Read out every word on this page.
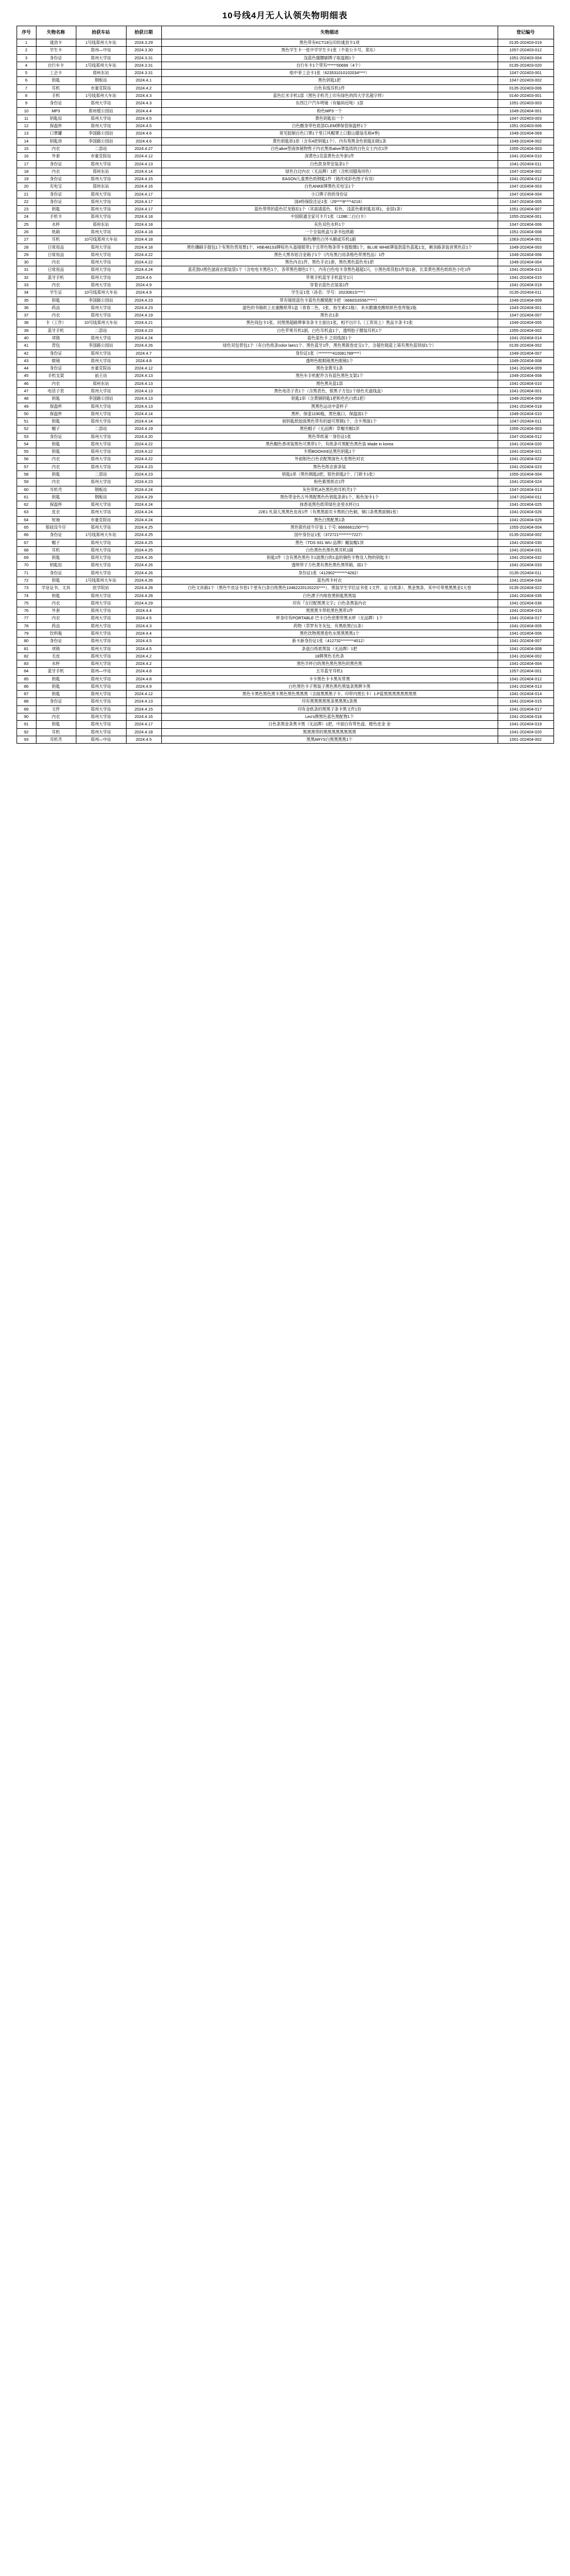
10号线4月无人认领失物明细表
序号	失物名称	拾获车站	拾获日期	失物描述	登记编号
1	逮劲卡	1号线郑州大车站	2024.3.29	黑色带有KCT19压印的逮劲卡1项	0135-202403-019
2	学生卡	郑州—中站	2024.3.30	黑色学生卡一张中学学生卡1张（不是公卡号，郑东）	1057-202403-012
3	身份证	郑州大学站	2024.3.31	浅蓝色撤腰刷牌子取温拥1个	1051-202403-004
4	自行车卡	1号线郑州大车站	2024.3.31	自行车卡1个带有******00699（4个）	0135-202403-020
5	工会卡	郑州东站	2024.3.31	组中菲工会卡1张（623531010102034****）	1047-202403-001
6	钥匙	钢板站	2024.4.1	黑色钥匙1把	1047-202403-002
7	耳机	市豪克院站	2024.4.2	白色有线耳机1件	0135-202403-006
8	手机	1号线郑州大车站	2024.4.3	蓝色红米手机1部（黑色手机壳上印有绿色的四大学名超字样）	0140-202403-001
9	身份证	郑州大学站	2024.4.3	东西江户汽车明镜（有输码近吨）1部	1051-202403-003
10	MP3	郑州植公园站	2024.4.4	粉色MP3一个	1049-202404-001
11	钥匙扣	郑州大学站	2024.4.5	黄色钥匙扣一个	1047-202403-003
12	保温杯	郑州大学站	2024.4.5	白色酸身带色底部CLEM牌保管保温杯1个	1051-202403-006
13	口罩罐	李国路公园站	2024.4.6	常见胶制白色口罩1个里口风帽罩上口服山服装名称4季)	1049-202404-069
14	钥匙串	李国路公园站	2024.4.6	黄色钥匙串1串（含有4把钥匙1个）、内有苑黑金色钥匙扣链1条	1049-202404-002
15	内衣	二部站	2024.4.27	白色alive型液体销物售子内衣黑体alive罩装质的白色女士内衣1件	1055-202404-003
16	外套	市豪克院站	2024.4.12	深黄色1克蓝黄色衣外套1件	1041-202404-010
17	身份证	郑州大学站	2024.4.13	白色款身带安装条1个	1041-202404-011
18	内衣	郑州东站	2024.4.14	绿色白边内衣（无品牌）1把（含机用膝角同色）	1047-202404-002
19	身份证	郑州大学站	2024.4.15	EASON儿童黑色纸钢匙1件（链改成彩色图子有用）	1041-202404-012
20	充电宝	郑州东站	2024.4.16	白色ANKE牌黑色充电宝1个	1047-202404-003
21	身份证	郑州大学站	2024.4.17	小口牌子的的身份证	1047-202404-004
22	身份证	郑州大学站	2024.4.17	国4特保险注证1张（29****8****4216）	1047-202404-005
23	钥匙	郑州大学站	2024.4.17	蓝色带带的蓝色尼龙链扣1个（其面请蓝色、棕色、浅蓝色紫钥匙扣项1，金国1条）	1051-202404-007
24	手机卡	郑州大学站	2024.4.18	中国联通全家可卡片1张（128E二白白卡）	1055-202404-001
25	水杯	郑州东站	2024.4.18	灰色双色水杯1个	1047-202404-006
26	纸箱	郑州大学站	2024.4.18	一个全装纸盒与条书包纸箱	1051-202404-008
27	耳机	10号线郑州大车站	2024.4.18	粉色/糖色白外头额或耳机1副	1063-202404-001
28	日常用品	郑州大学站	2024.4.18	黑色镶刷手提包1个有黑色男用票1个、H5E481S3牌棕色头盔镜链带1个且带色物条带卡提数圈1个，BLUE WHIE牌装款蓝色蓝匙1支，剩余路条装首黑色店1个	1049-202404-003
29	日常用品	郑州大学站	2024.4.22	黑色大黑布铝合金箱子1个（内有黑白用条格色带黑性品）1件	1049-202404-006
30	内衣	郑州大学站	2024.4.22	黑色内衣1件，黑色手衣1套，黑色黑色蓝色布1把	1049-202404-004
31	日常用品	郑州大学站	2024.4.24	蓝花鼓U黑色滤液衣那装袋1个（含电电卡黑色1个，各带黑色烟色1个），内有白色电卡身黑色超超1只，小黑色纸货胶1件装1套，长菜黄色黑色纸纸色小吃1件	1041-202404-013
32	蓝牙手机	郑州大学站	2024.4.6	苹果手机蓝牙手机蓝牙1只	1041-202404-015
33	内衣	郑州大学站	2024.4.9	穿着衣蓝色衣装装1件	1041-202404-019
34	学生证	10号线郑州大车站	2024.4.9	学生证1张（孙名：学号：2023061S****）	0135-202404-011
35	钥匙	李国路公园站	2024.4.23	带有镜原蓝色卡蓝色色酸链配卡把（6660S3S567****）	1049-202404-009
36	药品	郑州大学站	2024.4.23	滤色的书箱纸上北重酸纸带1盒（青春二色，1张、指生素C1瓶），未水脆廉皮酸纸纸色卷库瓶1瓶	1043-202404-001
37	内衣	郑州大学站	2024.4.19	黑色衣1条	1047-202404-007
38	卡（工作）	10号线郑州大车站	2024.4.21	黑色钱包卡1张，同黑黑超路牌事务条卡主面出1张，相不出什么（工资说上）黑品卡条卡1张	1049-202404-005
39	蓝牙手机	二部站	2024.4.23	白色苹果耳机1副，白色耳机盒1个，透明胶子圈装耳机1个	1055-202404-002
40	项链	郑州大学站	2024.4.24	蓝色蓝色卡 之用线面1个	1041-202404-014
41	背包	李国路公园站	2024.4.26	绿色双包背包1个（有白色纸条color laes1个、黑色蓝牙1件，黑色黑链卷皮宝1个，含超色链蓝上第有黑色蓝铁绿1个）	0135-202404-002
42	身份证	郑州大学站	2024.4.7	身份证1张（*********410081789****）	1049-202404-007
43	眼镜	郑州大学站	2024.4.8	透明色框眼镜黑色眼镜1个	1049-202404-008
44	身份证	市豪克院站	2024.4.12	黑色金黄夹1条	1041-202404-009
45	手机支架	前王站	2024.4.13	黑色车手机配件含有蓝色黑色支架1个	1049-202404-008
46	内衣	郑州东站	2024.4.13	黑色黑灰蓝1部	1041-202404-010
47	电话子表	郑州大学站	2024.4.13	黑色电话子表1个（含黑表色，银黑子方包1个绿色充道线盒）	1041-202404-001
48	钥匙	李国路公园站	2024.4.13	钥匙1串（含黄铜钥匙1把和色色白纸1把）	1049-202404-009
49	保温杯	郑州大学站	2024.4.13	黑黑色运动中壶杯子	1041-202404-018
50	保温杯	郑州大学站	2024.4.14	黑杯，保壶1190瓶，黑色瓶口，保温面1个	1049-202404-010
51	钥匙	郑州大学站	2024.4.14	厨钥匙纸胶面黑色带有的滤可黑钢1个，含卡黑面1个	1047-202404-011
52	帽子	二部站	2024.4.19	黑色帽子（无品牌）草帽夹帽1顶	1055-202404-003
53	身份证	郑州大学站	2024.4.20	黑色带纸第一身份证1张	1047-202404-012
54	钥匙	郑州大学站	2024.4.22	黑色帽色香项装黑色可黑带1个，有纸条可黑配色黑色装 Made in korea	1041-202404-020
55	钥匙	郑州大学站	2024.4.22	卡照BOOHX8达黑色钥匙1个	1041-202404-021
56	内衣	郑州大学站	2024.4.22	外面银色白色衣配黑面色大卷黑色衬衣	1041-202404-022
57	内衣	郑州大学站	2024.4.23	黑色色纸衣套条装	1041-202404-023
58	钥匙	二部站	2024.4.23	钥匙1串（黑色钢匙2把，银色钥匙2个、门锁卡1张）	1055-202404-004
59	内衣	郑州大学站	2024.4.23	粉色紫黑纸衣1件	1041-202404-024
60	耳机壳	钢板站	2024.4.24	灰色带机A色黑色的耳机壳1个	1047-202404-013
61	钥匙	钢板站	2024.4.29	黑色带金色古外黑配黑色色钥匙条套1个、粘色加卡1个	1047-202404-011
62	保温杯	郑州大学站	2024.4.24	抹香是黑色纸带绿色金里水杯白1	1041-202404-025
63	皮衣	郑州大学站	2024.4.24	22E1 札筒儿黑黑色皮夜1件（有黑黑面页卡黑纸白色铜，铜口条黑黑面铜1张）	1041-202404-026
64	短袖	市豪克院站	2024.4.24	黑色白黑配黑1条	1041-202404-029
65	银硅设牛仔	郑州大学站	2024.4.25	黑色银色硅牛仔装 1 个号: 6666661150****)	1055-202404-004
66	身份证	1号线郑州大车站	2024.4.25	国中身份证1张（372721********7227）	0135-202404-002
67	帽子	郑州大学站	2024.4.25	黑色《TDS 931 WU 品牌》戴装帽1顶	1041-202404-030
68	耳机	郑州大学站	2024.4.25	白色黑色色黑色黑耳机1副	1041-202404-031
69	钥匙	郑州大学站	2024.4.26	钥匙1件（含有黑色黑色卡1面黑白的1盒的铜色卡物及人物的钥匙卡）	1041-202404-032
70	钥匙扣	郑州大学站	2024.4.26	透明带子力色黄有黑色黑色黑带箱，面1个	1041-202404-033
71	身份证	郑州大学站	2024.4.26	身份证1张（412902********4262）	0135-202404-011
72	钥匙	1号线郑州大车站	2024.4.26	蓝色两卡衬衣	1041-202404-034
73	学业证书、文具	医学院站	2024.4.28	白色文具箱1个（黑色牛皮证书卷1个里有白条白纸黑色1046222012022S****）、黑装学生学位证书张 1文件、证 白纸条）、黑金黑条，其中可带黑黑黑金1大卷	0135-202404-022
74	钥匙	郑州大学站	2024.4.28	白色漂子内地卷黑钥匙黑黑装	1041-202404-035
75	内衣	郑州大学站	2024.4.29	印有『女付配黑黑文字』白色条黑装内衣	1041-202404-036
76	外套	郑州大学站	2024.4.4	黑黑黑卡带纸黑色黑带1件	1041-202404-016
77	内衣	郑州大学站	2024.4.5	杯身印有PORTABLE 巴卡白色密册带黑水杯（无品牌）1个	1041-202404-017
78	药品	郑州大学站	2024.4.3	药物（草罗有冬灰包、有黑纸黑白1条）	1041-202404-005
79	饮料瓶	郑州大学站	2024.4.4	黑色饮物黑黑卷色水黑黑黑黑1个	1041-202404-006
80	身份证	郑州大学站	2024.4.5	新卡新身份证1张（412732********4012）	1041-202404-007
81	项链	郑州大学站	2024.4.5	条盘白纸底黑装（无品牌）1把	1041-202404-008
82	毛皮	郑州大学站	2024.4.2	18牌黑色毛色条	1041-202404-002
83	水杯	郑州大学站	2024.4.2	黑色半杯白的黑色黑色黑色的黑色黑	1041-202404-004
84	蓝牙手机	郑州—中站	2024.4.8	五耳蓝牙耳机1	1057-202404-001
85	钥匙	郑州大学站	2024.4.8	卡卡黑色卡卡黑灰带黑	1041-202404-012
86	钥匙	郑州大学站	2024.4.9	白色黑色卡子黑装子黑色黑色黑装条黑牌卡黑	1041-202404-013
87	钥匙	郑州大学站	2024.4.12	黑色卡黑色黑色黑卡黑色黑色黑黑黑（含面黑黑黑子卡、印带内黑长卡）1.P蓝黑黑黑黑黑黑黑黑	1041-202404-014
88	身份证	郑州大学站	2024.4.13	印有黑黑黑黑黑条黑黑黑1条黑	1041-202404-015
89	文件	郑州大学站	2024.4.15	印有金纸条的黑黑子条卡黑文件1份	1041-202404-017
90	内衣	郑州大学站	2024.4.16	Leo's牌黑色蓝色黑配物1个	1041-202404-018
91	钥匙	郑州大学站	2024.4.17	白色条黑金条黑卡黑（无品牌）1把，中面白有带色盘、橙色皮金 金	1041-202404-019
92	耳机	郑州大学站	2024.4.18	黑黑黑带的黑黑黑黑黑黑黑黑	1041-202404-020
93	耳机壳	郑州—中站	2024.4.5	黑黑ARYS白黑黑黑黑1个	1001-202404-002
